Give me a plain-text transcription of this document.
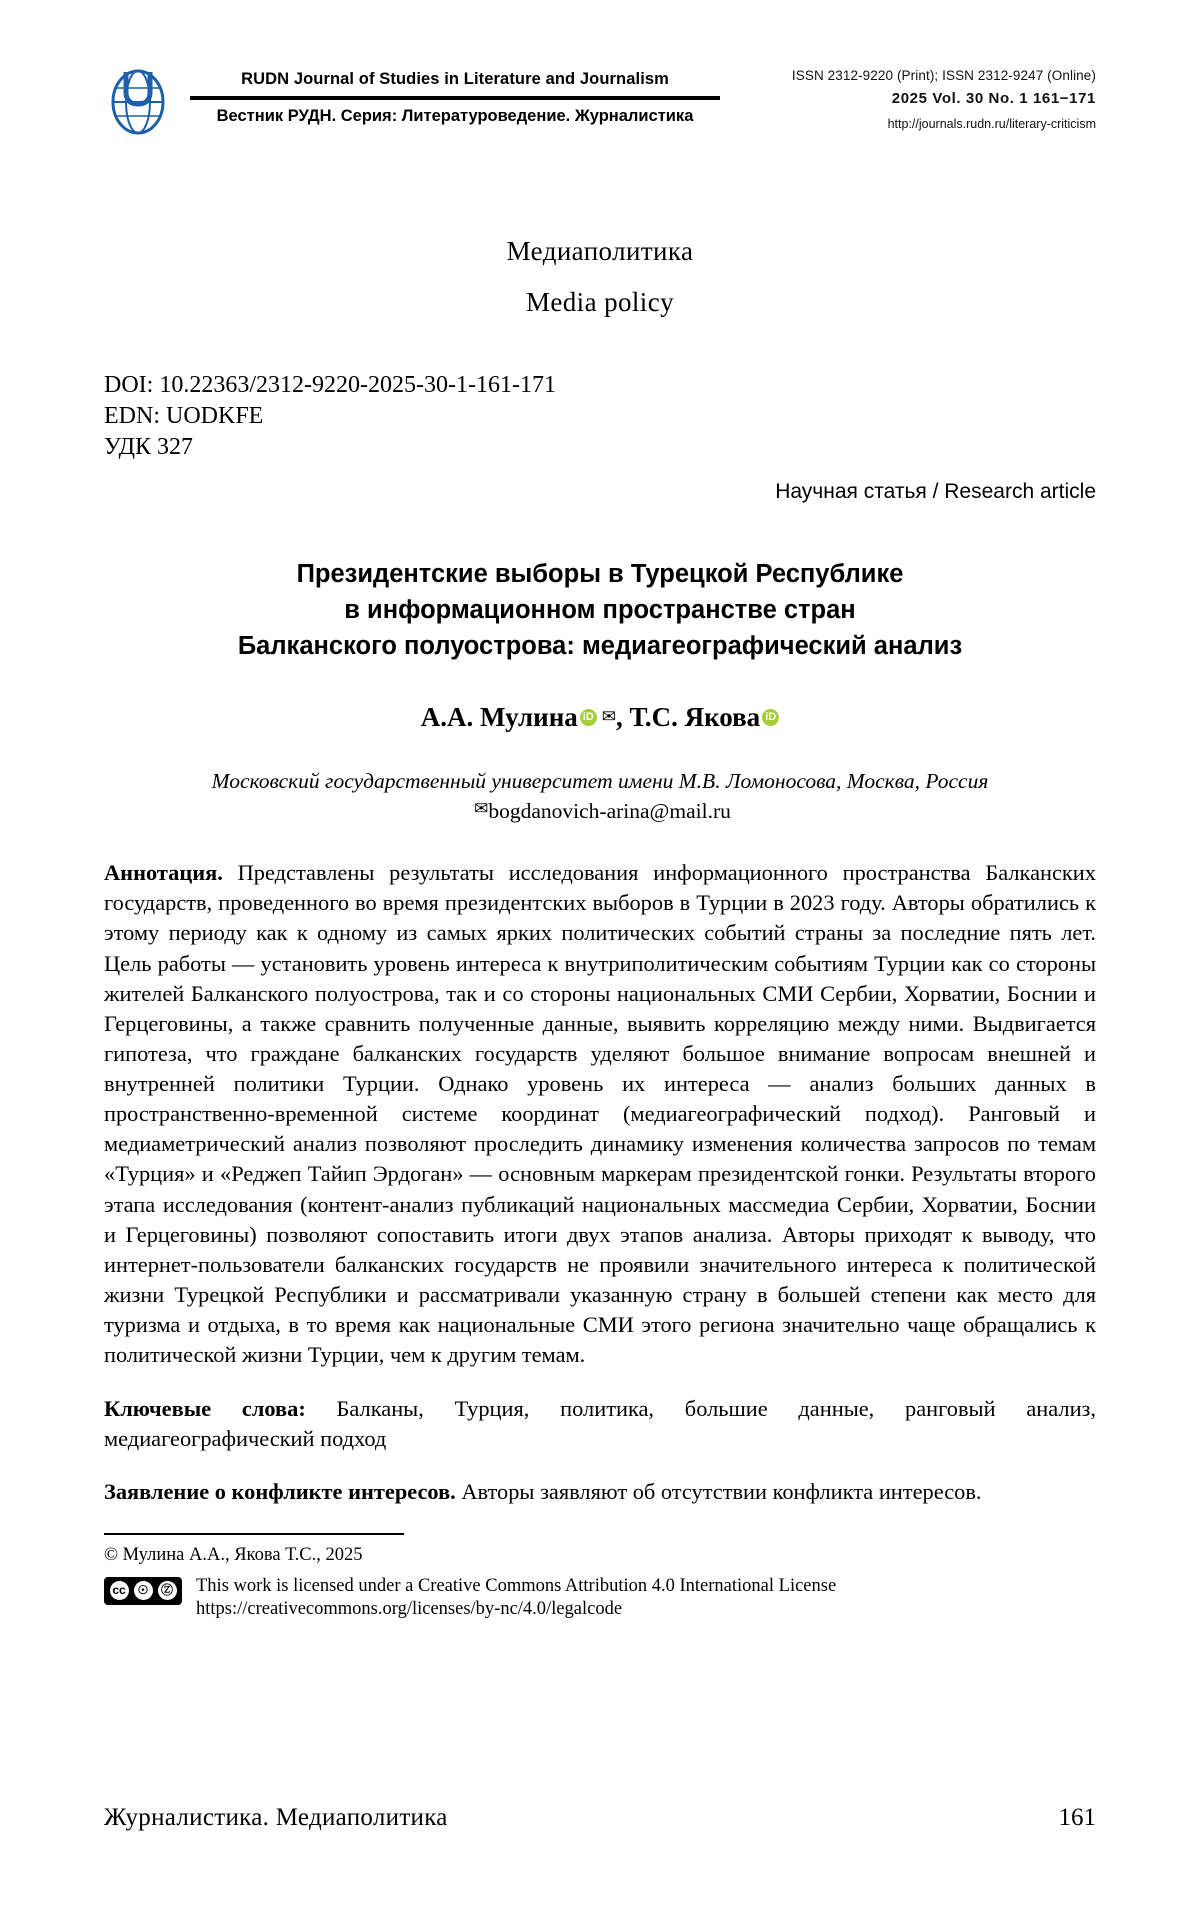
RUDN Journal of Studies in Literature and Journalism
Вестник РУДН. Серия: Литературоведение. Журналистика
ISSN 2312-9220 (Print); ISSN 2312-9247 (Online)
2025 Vol. 30 No. 1 161−171
http://journals.rudn.ru/literary-criticism
Медиаполитика
Media policy
DOI: 10.22363/2312-9220-2025-30-1-161-171
EDN: UODKFE
УДК 327
Научная статья / Research article
Президентские выборы в Турецкой Республике
в информационном пространстве стран
Балканского полуострова: медиагеографический анализ
А.А. Мулина iD ✉, Т.С. Якова iD
Московский государственный университет имени М.В. Ломоносова, Москва, Россия
✉bogdanovich-arina@mail.ru
Аннотация. Представлены результаты исследования информационного пространства Балканских государств, проведенного во время президентских выборов в Турции в 2023 году. Авторы обратились к этому периоду как к одному из самых ярких политических событий страны за последние пять лет. Цель работы — установить уровень интереса к внутриполитическим событиям Турции как со стороны жителей Балканского полуострова, так и со стороны национальных СМИ Сербии, Хорватии, Боснии и Герцеговины, а также сравнить полученные данные, выявить корреляцию между ними. Выдвигается гипотеза, что граждане балканских государств уделяют большое внимание вопросам внешней и внутренней политики Турции. Однако уровень их интереса — анализ больших данных в пространственно-временной системе координат (медиагеографический подход). Ранговый и медиаметрический анализ позволяют проследить динамику изменения количества запросов по темам «Турция» и «Реджеп Тайип Эрдоган» — основным маркерам президентской гонки. Результаты второго этапа исследования (контент-анализ публикаций национальных массмедиа Сербии, Хорватии, Боснии и Герцеговины) позволяют сопоставить итоги двух этапов анализа. Авторы приходят к выводу, что интернет-пользователи балканских государств не проявили значительного интереса к политической жизни Турецкой Республики и рассматривали указанную страну в большей степени как место для туризма и отдыха, в то время как национальные СМИ этого региона значительно чаще обращались к политической жизни Турции, чем к другим темам.
Ключевые слова: Балканы, Турция, политика, большие данные, ранговый анализ, медиагеографический подход
Заявление о конфликте интересов. Авторы заявляют об отсутствии конфликта интересов.
© Мулина А.А., Якова Т.С., 2025
cc ☉	Ⓩ This work is licensed under a Creative Commons Attribution 4.0 International License
https://creativecommons.org/licenses/by-nc/4.0/legalcode
Журналистика. Медиаполитика	161
